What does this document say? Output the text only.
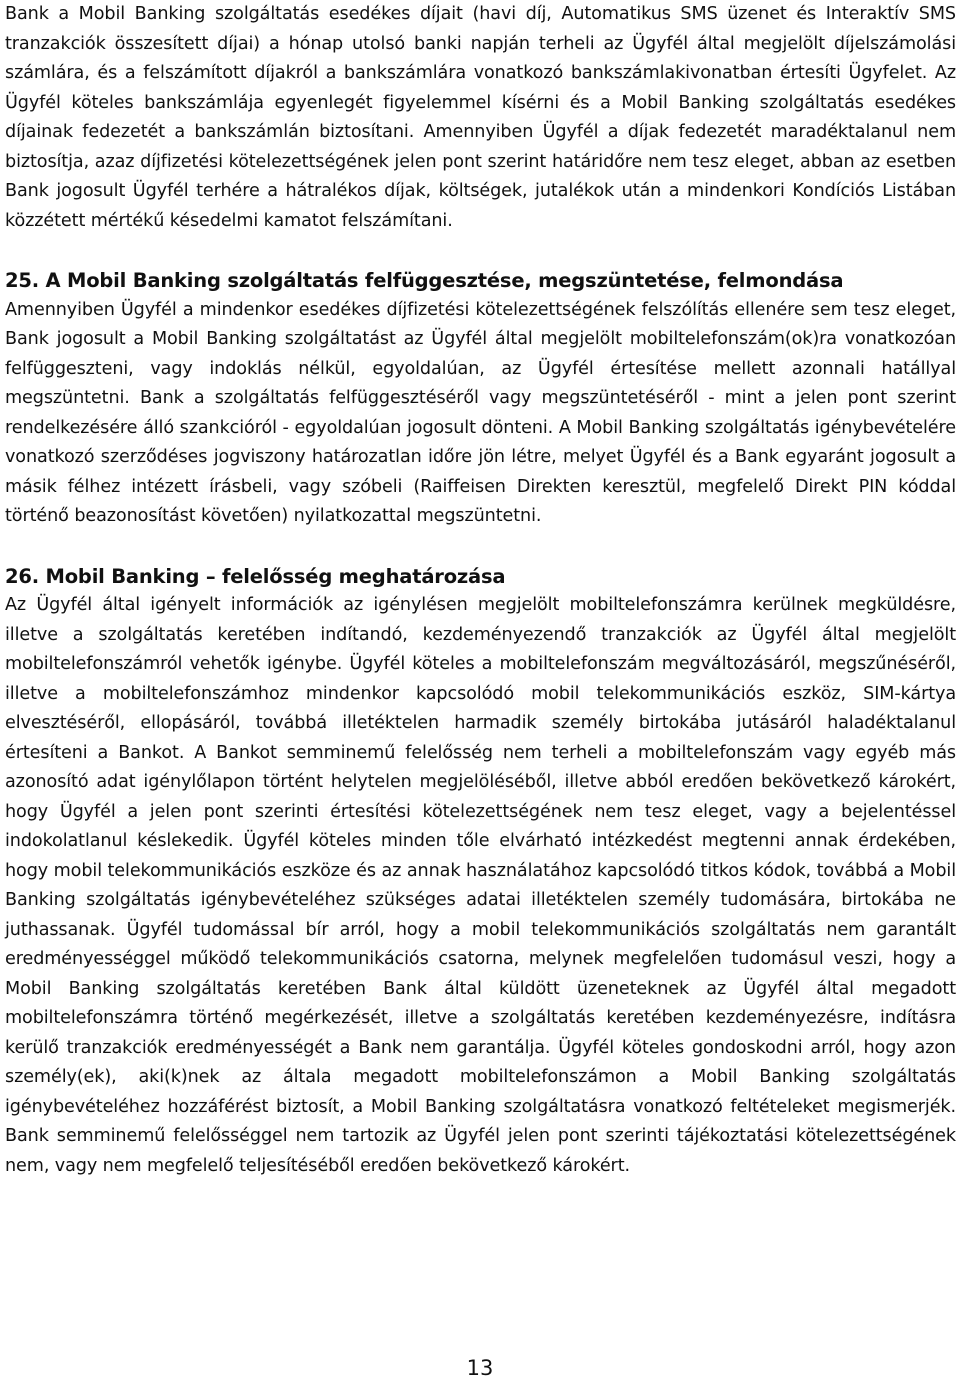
Bank a Mobil Banking szolgáltatás esedékes díjait (havi díj, Automatikus SMS üzenet és Interaktív SMS tranzakciók összesített díjai) a hónap utolsó banki napján terheli az Ügyfél által megjelölt díjelszámolási számlára, és a felszámított díjakról a bankszámlára vonatkozó bankszámlakivonatban értesíti Ügyfelet. Az Ügyfél köteles bankszámlája egyenlegét figyelemmel kísérni és a Mobil Banking szolgáltatás esedékes díjainak fedezetét a bankszámlán biztosítani. Amennyiben Ügyfél a díjak fedezetét maradéktalanul nem biztosítja, azaz díjfizetési kötelezettségének jelen pont szerint határidőre nem tesz eleget, abban az esetben Bank jogosult Ügyfél terhére a hátralékos díjak, költségek, jutalékok után a mindenkori Kondíciós Listában közzétett mértékű késedelmi kamatot felszámítani.

25. A Mobil Banking szolgáltatás felfüggesztése, megszüntetése, felmondása

Amennyiben Ügyfél a mindenkor esedékes díjfizetési kötelezettségének felszólítás ellenére sem tesz eleget, Bank jogosult a Mobil Banking szolgáltatást az Ügyfél által megjelölt mobiltelefonszám(ok)ra vonatkozóan felfüggeszteni, vagy indoklás nélkül, egyoldalúan, az Ügyfél értesítése mellett azonnali hatállyal megszüntetni. Bank a szolgáltatás felfüggesztéséről vagy megszüntetéséről - mint a jelen pont szerint rendelkezésére álló szankcióról - egyoldalúan jogosult dönteni. A Mobil Banking szolgáltatás igénybevételére vonatkozó szerződéses jogviszony határozatlan időre jön létre, melyet Ügyfél és a Bank egyaránt jogosult a másik félhez intézett írásbeli, vagy szóbeli (Raiffeisen Direkten keresztül, megfelelő Direkt PIN kóddal történő beazonosítást követően) nyilatkozattal megszüntetni.

26. Mobil Banking – felelősség meghatározása

Az Ügyfél által igényelt információk az igénylésen megjelölt mobiltelefonszámra kerülnek megküldésre, illetve a szolgáltatás keretében indítandó, kezdeményezendő tranzakciók az Ügyfél által megjelölt mobiltelefonszámról vehetők igénybe. Ügyfél köteles a mobiltelefonszám megváltozásáról, megszűnéséről, illetve a mobiltelefonszámhoz mindenkor kapcsolódó mobil telekommunikációs eszköz, SIM-kártya elvesztéséről, ellopásáról, továbbá illetéktelen harmadik személy birtokába jutásáról haladéktalanul értesíteni a Bankot. A Bankot semminemű felelősség nem terheli a mobiltelefonszám vagy egyéb más azonosító adat igénylőlapon történt helytelen megjelöléséből, illetve abból eredően bekövetkező károkért, hogy Ügyfél a jelen pont szerinti értesítési kötelezettségének nem tesz eleget, vagy a bejelentéssel indokolatlanul késlekedik. Ügyfél köteles minden tőle elvárható intézkedést megtenni annak érdekében, hogy mobil telekommunikációs eszköze és az annak használatához kapcsolódó titkos kódok, továbbá a Mobil Banking szolgáltatás igénybevételéhez szükséges adatai illetéktelen személy tudomására, birtokába ne juthassanak. Ügyfél tudomással bír arról, hogy a mobil telekommunikációs szolgáltatás nem garantált eredményességgel működő telekommunikációs csatorna, melynek megfelelően tudomásul veszi, hogy a Mobil Banking szolgáltatás keretében Bank által küldött üzeneteknek az Ügyfél által megadott mobiltelefonszámra történő megérkezését, illetve a szolgáltatás keretében kezdeményezésre, indításra kerülő tranzakciók eredményességét a Bank nem garantálja. Ügyfél köteles gondoskodni arról, hogy azon személy(ek), aki(k)nek az általa megadott mobiltelefonszámon a Mobil Banking szolgáltatás igénybevételéhez hozzáférést biztosít, a Mobil Banking szolgáltatásra vonatkozó feltételeket megismerjék. Bank semminemű felelősséggel nem tartozik az Ügyfél jelen pont szerinti tájékoztatási kötelezettségének nem, vagy nem megfelelő teljesítéséből eredően bekövetkező károkért.

13
